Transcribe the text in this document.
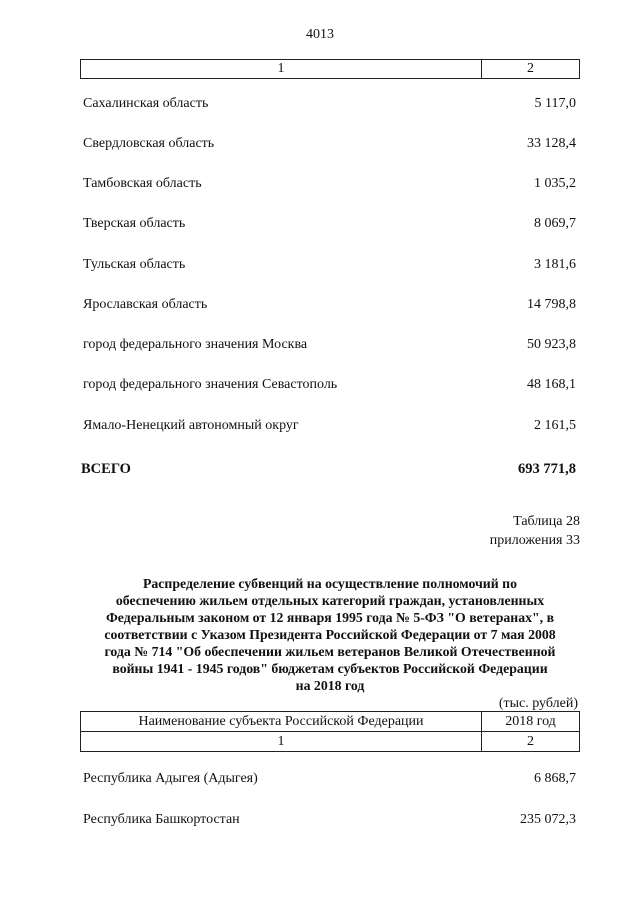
4013
1	2
Сахалинская область	5 117,0
Свердловская область	33 128,4
Тамбовская область	1 035,2
Тверская область	8 069,7
Тульская область	3 181,6
Ярославская область	14 798,8
город федерального значения Москва	50 923,8
город федерального значения Севастополь	48 168,1
Ямало-Ненецкий автономный округ	2 161,5
ВСЕГО	693 771,8
Таблица 28
приложения 33
Распределение субвенций на осуществление полномочий по
обеспечению жильем отдельных категорий граждан, установленных
Федеральным законом от 12 января 1995 года № 5-ФЗ "О ветеранах", в
соответствии с Указом Президента Российской Федерации от 7 мая 2008
года № 714 "Об обеспечении жильем ветеранов Великой Отечественной
войны 1941 - 1945 годов" бюджетам субъектов Российской Федерации
на 2018 год
(тыс. рублей)
Наименование субъекта Российской Федерации	2018 год
1	2
Республика Адыгея (Адыгея)	6 868,7
Республика Башкортостан	235 072,3
